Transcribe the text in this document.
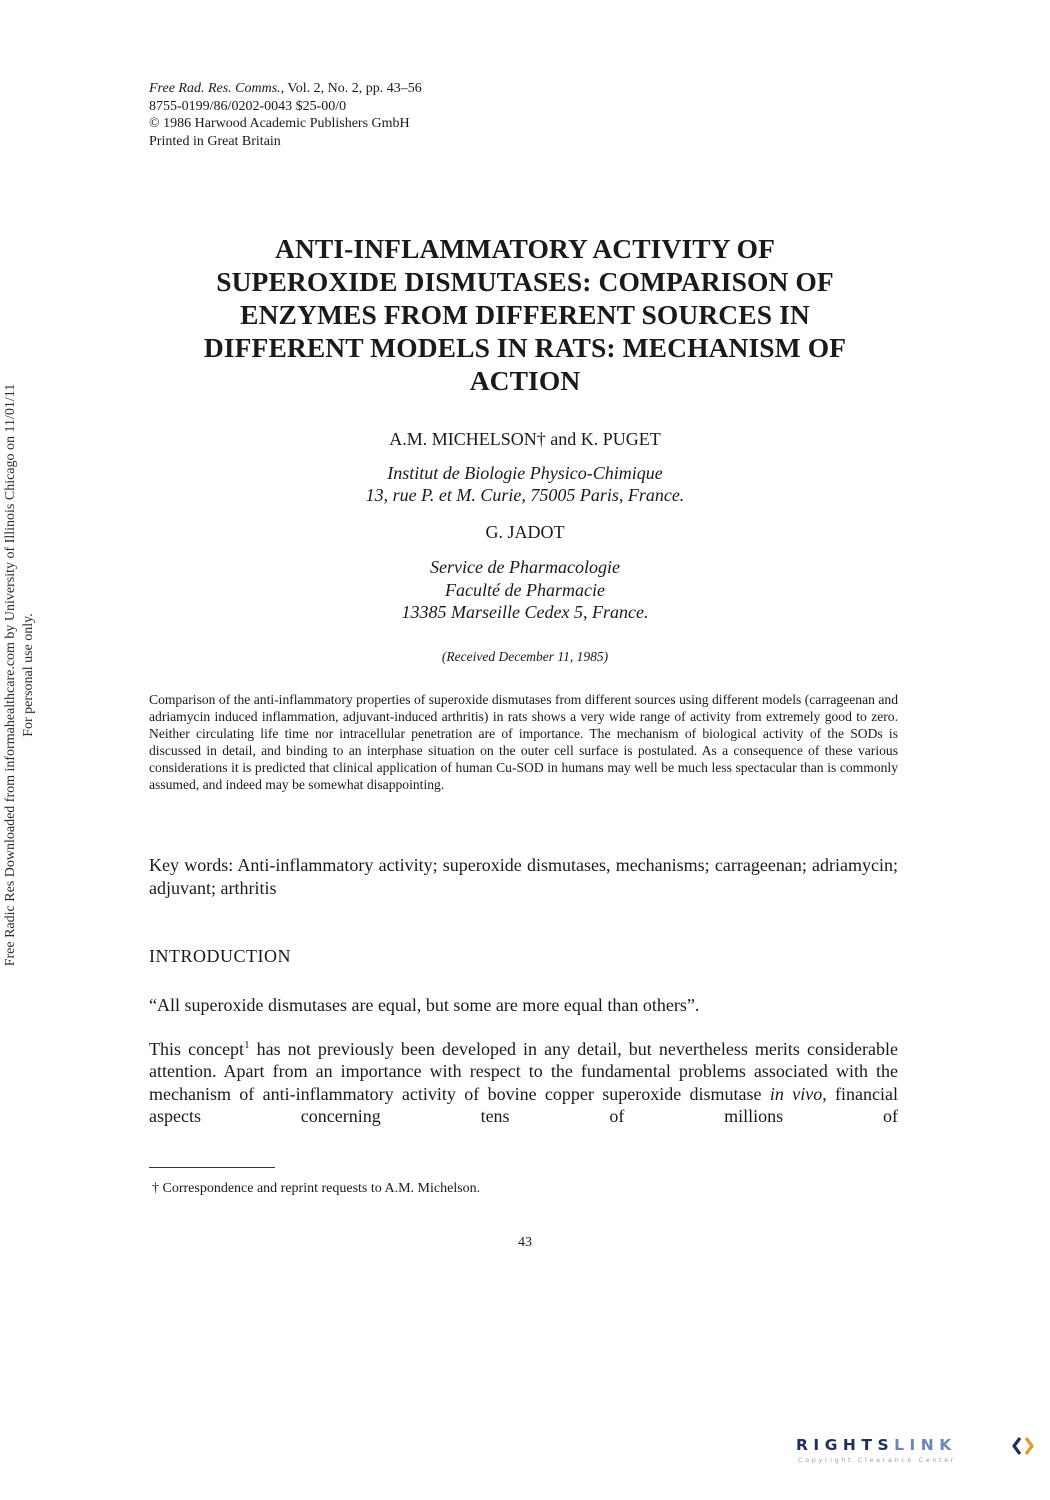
Free Rad. Res. Comms., Vol. 2, No. 2, pp. 43–56
8755-0199/86/0202-0043 $25-00/0
© 1986 Harwood Academic Publishers GmbH
Printed in Great Britain
Free Radic Res Downloaded from informahealthcare.com by University of Illinois Chicago on 11/01/11 For personal use only.
ANTI-INFLAMMATORY ACTIVITY OF
SUPEROXIDE DISMUTASES: COMPARISON OF
ENZYMES FROM DIFFERENT SOURCES IN
DIFFERENT MODELS IN RATS: MECHANISM OF
ACTION
A.M. MICHELSON† and K. PUGET
Institut de Biologie Physico-Chimique
13, rue P. et M. Curie, 75005 Paris, France.
G. JADOT
Service de Pharmacologie
Faculté de Pharmacie
13385 Marseille Cedex 5, France.
(Received December 11, 1985)

Comparison of the anti-inflammatory properties of superoxide dismutases from different sources using different models (carrageenan and adriamycin induced inflammation, adjuvant-induced arthritis) in rats shows a very wide range of activity from extremely good to zero. Neither circulating life time nor intracellular penetration are of importance. The mechanism of biological activity of the SODs is discussed in detail, and binding to an interphase situation on the outer cell surface is postulated. As a consequence of these various considerations it is predicted that clinical application of human Cu-SOD in humans may well be much less spectacular than is commonly assumed, and indeed may be somewhat disappointing.

Key words: Anti-inflammatory activity; superoxide dismutases, mechanisms; carrageenan; adriamycin; adjuvant; arthritis

INTRODUCTION
“All superoxide dismutases are equal, but some are more equal than others”.

This concept$^1$ has not previously been developed in any detail, but nevertheless merits considerable attention. Apart from an importance with respect to the fundamental problems associated with the mechanism of anti-inflammatory activity of bovine copper superoxide dismutase in vivo, financial aspects concerning tens of millions of

† Correspondence and reprint requests to A.M. Michelson.
43
RIGHTSLINK
Copyright Clearance Center
